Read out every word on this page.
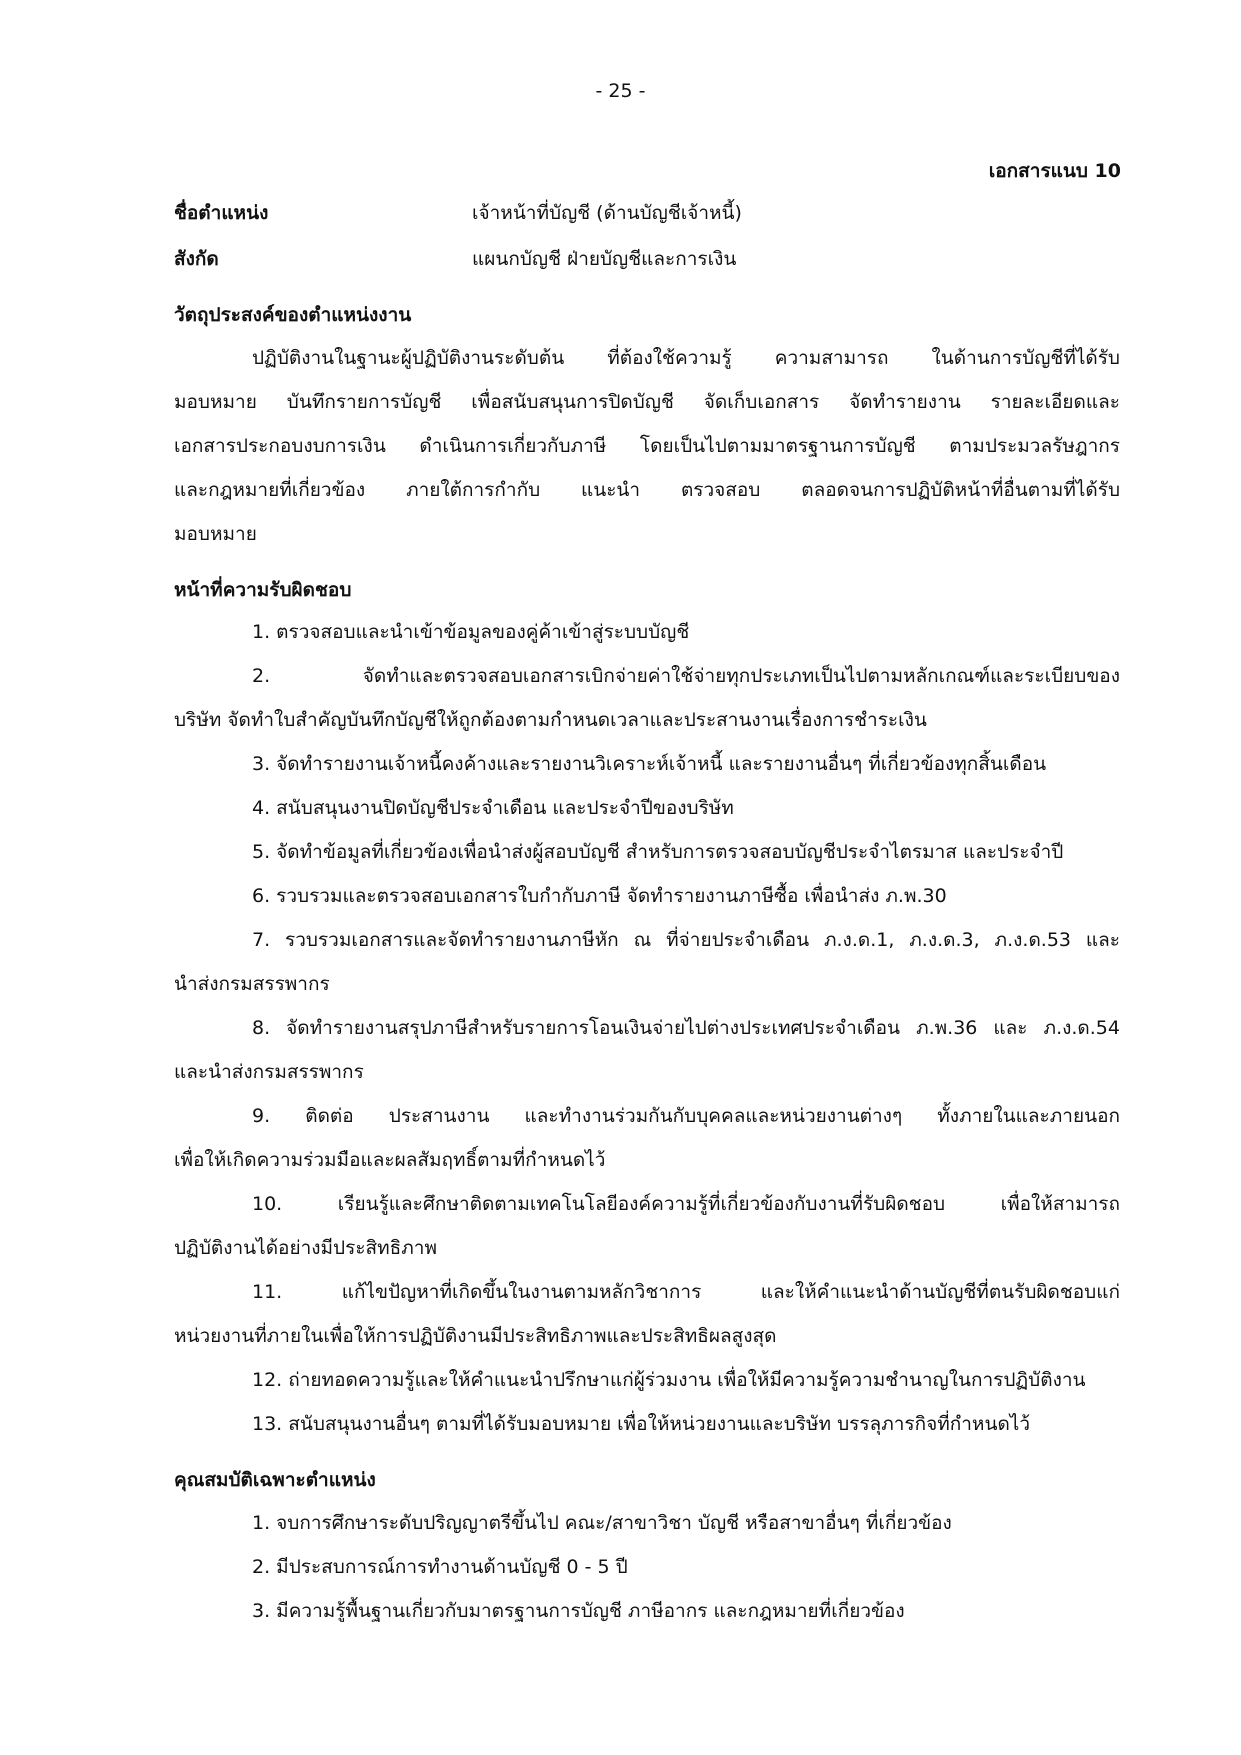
- 25 -
เอกสารแนบ 10
ชื่อตำแหน่ง	เจ้าหน้าที่บัญชี (ด้านบัญชีเจ้าหนี้)
สังกัด	แผนกบัญชี ฝ่ายบัญชีและการเงิน
วัตถุประสงค์ของตำแหน่งงาน
ปฏิบัติงานในฐานะผู้ปฏิบัติงานระดับต้น ที่ต้องใช้ความรู้ ความสามารถ ในด้านการบัญชีที่ได้รับ
มอบหมาย บันทึกรายการบัญชี เพื่อสนับสนุนการปิดบัญชี จัดเก็บเอกสาร จัดทำรายงาน รายละเอียดและ
เอกสารประกอบงบการเงิน ดำเนินการเกี่ยวกับภาษี โดยเป็นไปตามมาตรฐานการบัญชี ตามประมวลรัษฎากร
และกฎหมายที่เกี่ยวข้อง ภายใต้การกำกับ แนะนำ ตรวจสอบ ตลอดจนการปฏิบัติหน้าที่อื่นตามที่ได้รับ
มอบหมาย
หน้าที่ความรับผิดชอบ
1. ตรวจสอบและนำเข้าข้อมูลของคู่ค้าเข้าสู่ระบบบัญชี
2. จัดทำและตรวจสอบเอกสารเบิกจ่ายค่าใช้จ่ายทุกประเภทเป็นไปตามหลักเกณฑ์และระเบียบของ
บริษัท จัดทำใบสำคัญบันทึกบัญชีให้ถูกต้องตามกำหนดเวลาและประสานงานเรื่องการชำระเงิน
3. จัดทำรายงานเจ้าหนี้คงค้างและรายงานวิเคราะห์เจ้าหนี้ และรายงานอื่นๆ ที่เกี่ยวข้องทุกสิ้นเดือน
4. สนับสนุนงานปิดบัญชีประจำเดือน และประจำปีของบริษัท
5. จัดทำข้อมูลที่เกี่ยวข้องเพื่อนำส่งผู้สอบบัญชี สำหรับการตรวจสอบบัญชีประจำไตรมาส และประจำปี
6. รวบรวมและตรวจสอบเอกสารใบกำกับภาษี จัดทำรายงานภาษีซื้อ เพื่อนำส่ง ภ.พ.30
7. รวบรวมเอกสารและจัดทำรายงานภาษีหัก ณ ที่จ่ายประจำเดือน ภ.ง.ด.1, ภ.ง.ด.3, ภ.ง.ด.53 และ
นำส่งกรมสรรพากร
8. จัดทำรายงานสรุปภาษีสำหรับรายการโอนเงินจ่ายไปต่างประเทศประจำเดือน ภ.พ.36 และ ภ.ง.ด.54
และนำส่งกรมสรรพากร
9. ติดต่อ ประสานงาน และทำงานร่วมกันกับบุคคลและหน่วยงานต่างๆ ทั้งภายในและภายนอก
เพื่อให้เกิดความร่วมมือและผลสัมฤทธิ์ตามที่กำหนดไว้
10. เรียนรู้และศึกษาติดตามเทคโนโลยีองค์ความรู้ที่เกี่ยวข้องกับงานที่รับผิดชอบ เพื่อให้สามารถ
ปฏิบัติงานได้อย่างมีประสิทธิภาพ
11. แก้ไขปัญหาที่เกิดขึ้นในงานตามหลักวิชาการ และให้คำแนะนำด้านบัญชีที่ตนรับผิดชอบแก่
หน่วยงานที่ภายในเพื่อให้การปฏิบัติงานมีประสิทธิภาพและประสิทธิผลสูงสุด
12. ถ่ายทอดความรู้และให้คำแนะนำปรึกษาแก่ผู้ร่วมงาน เพื่อให้มีความรู้ความชำนาญในการปฏิบัติงาน
13. สนับสนุนงานอื่นๆ ตามที่ได้รับมอบหมาย เพื่อให้หน่วยงานและบริษัท บรรลุภารกิจที่กำหนดไว้
คุณสมบัติเฉพาะตำแหน่ง
1. จบการศึกษาระดับปริญญาตรีขึ้นไป คณะ/สาขาวิชา บัญชี หรือสาขาอื่นๆ ที่เกี่ยวข้อง
2. มีประสบการณ์การทำงานด้านบัญชี 0 - 5 ปี
3. มีความรู้พื้นฐานเกี่ยวกับมาตรฐานการบัญชี ภาษีอากร และกฎหมายที่เกี่ยวข้อง
